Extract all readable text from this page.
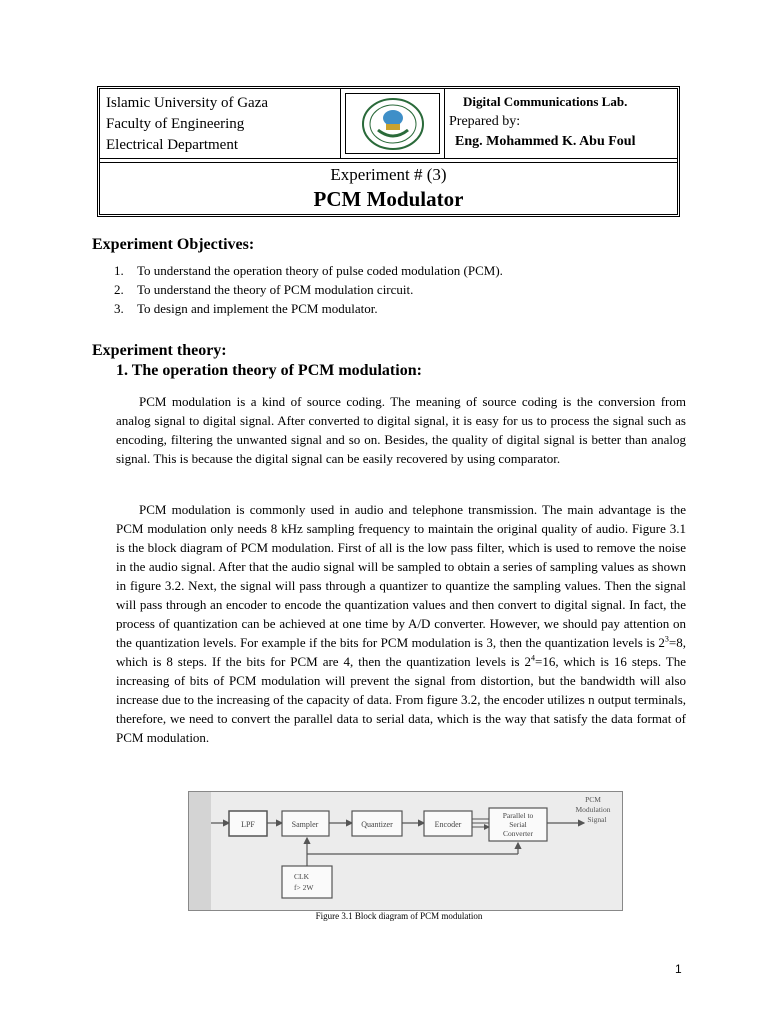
Islamic University of Gaza
Faculty of Engineering
Electrical Department
Digital Communications Lab.
Prepared by:
Eng. Mohammed K. Abu Foul
Experiment # (3)
PCM Modulator
Experiment Objectives:
1. To understand the operation theory of pulse coded modulation (PCM).
2. To understand the theory of PCM modulation circuit.
3. To design and implement the PCM modulator.
Experiment theory:
1. The operation theory of PCM modulation:

PCM modulation is a kind of source coding. The meaning of source coding is the conversion from analog signal to digital signal. After converted to digital signal, it is easy for us to process the signal such as encoding, filtering the unwanted signal and so on. Besides, the quality of digital signal is better than analog signal. This is because the digital signal can be easily recovered by using comparator.

PCM modulation is commonly used in audio and telephone transmission. The main advantage is the PCM modulation only needs 8 kHz sampling frequency to maintain the original quality of audio. Figure 3.1 is the block diagram of PCM modulation. First of all is the low pass filter, which is used to remove the noise in the audio signal. After that the audio signal will be sampled to obtain a series of sampling values as shown in figure 3.2. Next, the signal will pass through a quantizer to quantize the sampling values. Then the signal will pass through an encoder to encode the quantization values and then convert to digital signal. In fact, the process of quantization can be achieved at one time by A/D converter. However, we should pay attention on the quantization levels. For example if the bits for PCM modulation is 3, then the quantization levels is $2^3=8$, which is 8 steps. If the bits for PCM are 4, then the quantization levels is $2^4=16$, which is 16 steps. The increasing of bits of PCM modulation will prevent the signal from distortion, but the bandwidth will also increase due to the increasing of the capacity of data. From figure 3.2, the encoder utilizes n output terminals, therefore, we need to convert the parallel data to serial data, which is the way that satisfy the data format of PCM modulation.

LPF	Sampler	Quantizer	Encoder
Parallel to
Serial
Converter
PCM
Modulation
Signal
CLK
f> 2W
Figure 3.1 Block diagram of PCM modulation
1
